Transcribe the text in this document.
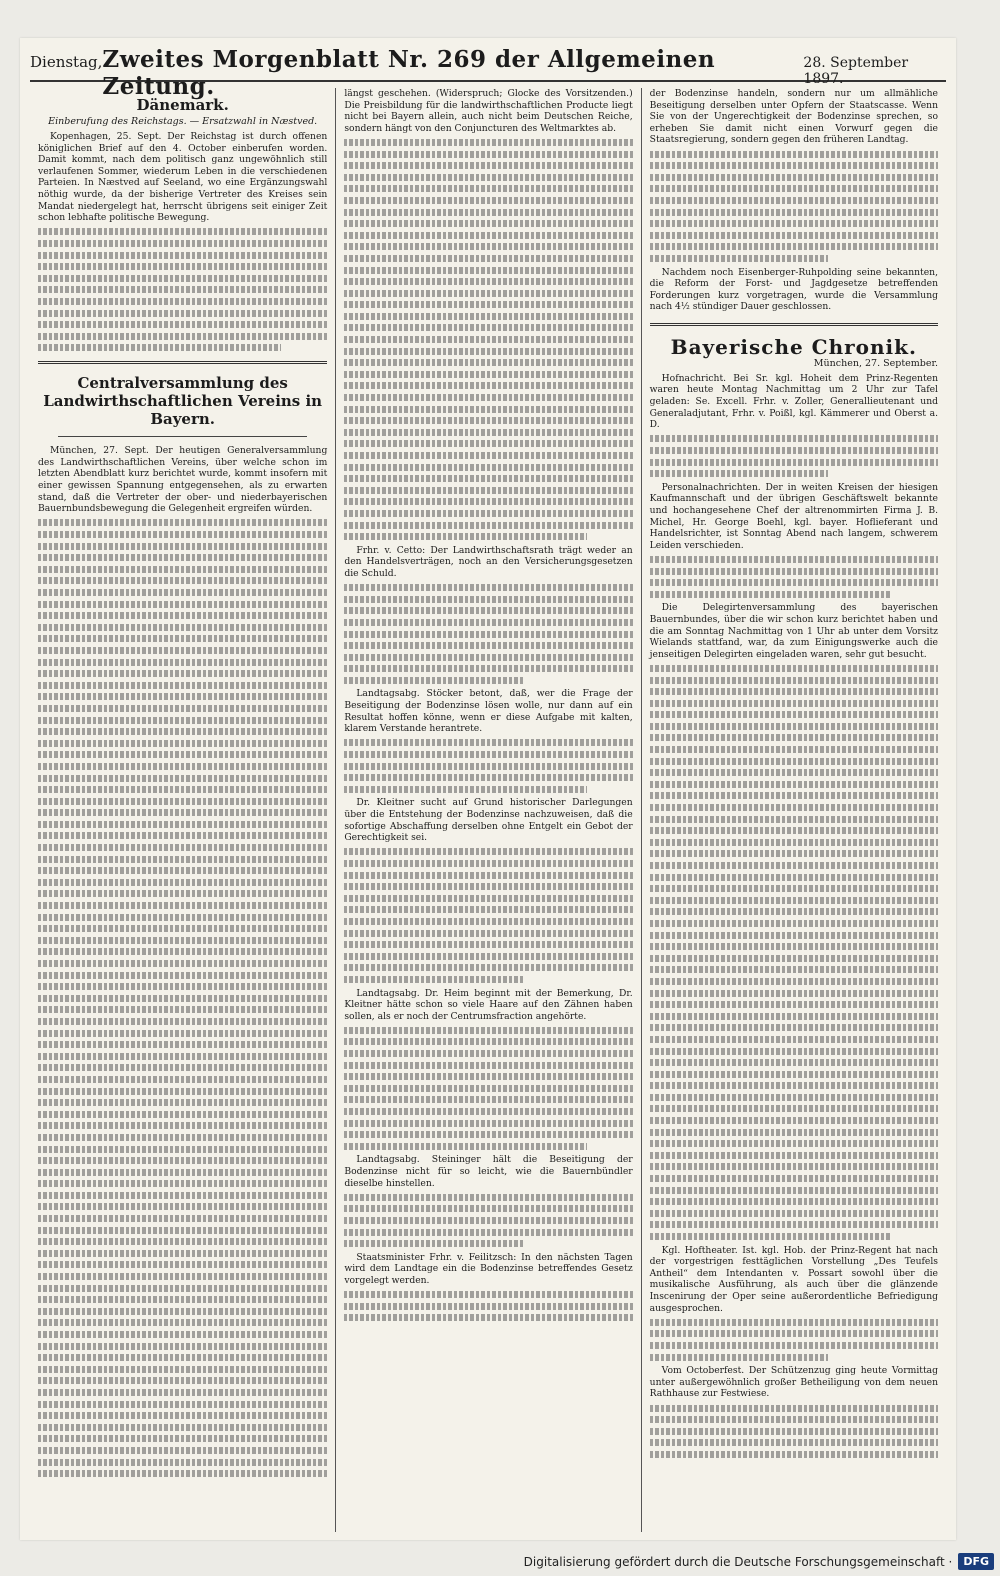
Dienstag, Zweites Morgenblatt Nr. 269 der Allgemeinen Zeitung.
28. September 1897.
Dänemark.
Einberufung des Reichstags. — Ersatzwahl in Næstved.

Kopenhagen, 25. Sept. Der Reichstag ist durch offenen königlichen Brief auf den 4. October einberufen worden. Damit kommt, nach dem politisch ganz ungewöhnlich still verlaufenen Sommer, wiederum Leben in die verschiedenen Parteien. In Næstved auf Seeland, wo eine Ergänzungswahl nöthig wurde, da der bisherige Vertreter des Kreises sein Mandat niedergelegt hat, herrscht übrigens seit einiger Zeit schon lebhafte politische Bewegung.

Centralversammlung des Landwirthschaftlichen Vereins in Bayern.

München, 27. Sept. Der heutigen Generalversammlung des Landwirthschaftlichen Vereins, über welche schon im letzten Abendblatt kurz berichtet wurde, kommt insofern mit einer gewissen Spannung entgegensehen, als zu erwarten stand, daß die Vertreter der ober- und niederbayerischen Bauernbundsbewegung die Gelegenheit ergreifen würden.

längst geschehen. (Widerspruch; Glocke des Vorsitzenden.) Die Preisbildung für die landwirthschaftlichen Producte liegt nicht bei Bayern allein, auch nicht beim Deutschen Reiche, sondern hängt von den Conjuncturen des Weltmarktes ab.

Frhr. v. Cetto: Der Landwirthschaftsrath trägt weder an den Handelsverträgen, noch an den Versicherungsgesetzen die Schuld.

Landtagsabg. Stöcker betont, daß, wer die Frage der Beseitigung der Bodenzinse lösen wolle, nur dann auf ein Resultat hoffen könne, wenn er diese Aufgabe mit kalten, klarem Verstande herantrete.

Dr. Kleitner sucht auf Grund historischer Darlegungen über die Entstehung der Bodenzinse nachzuweisen, daß die sofortige Abschaffung derselben ohne Entgelt ein Gebot der Gerechtigkeit sei.

Landtagsabg. Dr. Heim beginnt mit der Bemerkung, Dr. Kleitner hätte schon so viele Haare auf den Zähnen haben sollen, als er noch der Centrumsfraction angehörte.

Landtagsabg. Steininger hält die Beseitigung der Bodenzinse nicht für so leicht, wie die Bauernbündler dieselbe hinstellen.

Staatsminister Frhr. v. Feilitzsch: In den nächsten Tagen wird dem Landtage ein die Bodenzinse betreffendes Gesetz vorgelegt werden.

der Bodenzinse handeln, sondern nur um allmähliche Beseitigung derselben unter Opfern der Staatscasse. Wenn Sie von der Ungerechtigkeit der Bodenzinse sprechen, so erheben Sie damit nicht einen Vorwurf gegen die Staatsregierung, sondern gegen den früheren Landtag.

Nachdem noch Eisenberger-Ruhpolding seine bekannten, die Reform der Forst- und Jagdgesetze betreffenden Forderungen kurz vorgetragen, wurde die Versammlung nach 4½ stündiger Dauer geschlossen.

Bayerische Chronik.
München, 27. September.

Hofnachricht. Bei Sr. kgl. Hoheit dem Prinz-Regenten waren heute Montag Nachmittag um 2 Uhr zur Tafel geladen: Se. Excell. Frhr. v. Zoller, Generallieutenant und Generaladjutant, Frhr. v. Poißl, kgl. Kämmerer und Oberst a. D.

Personalnachrichten. Der in weiten Kreisen der hiesigen Kaufmannschaft und der übrigen Geschäftswelt bekannte und hochangesehene Chef der altrenommirten Firma J. B. Michel, Hr. George Boehl, kgl. bayer. Hoflieferant und Handelsrichter, ist Sonntag Abend nach langem, schwerem Leiden verschieden.

Die Delegirtenversammlung des bayerischen Bauernbundes, über die wir schon kurz berichtet haben und die am Sonntag Nachmittag von 1 Uhr ab unter dem Vorsitz Wielands stattfand, war, da zum Einigungswerke auch die jenseitigen Delegirten eingeladen waren, sehr gut besucht.

Kgl. Hoftheater. Ist. kgl. Hob. der Prinz-Regent hat nach der vorgestrigen festtäglichen Vorstellung „Des Teufels Antheil“ dem Intendanten v. Possart sowohl über die musikalische Ausführung, als auch über die glänzende Inscenirung der Oper seine außerordentliche Befriedigung ausgesprochen.

Vom Octoberfest. Der Schützenzug ging heute Vormittag unter außergewöhnlich großer Betheiligung von dem neuen Rathhause zur Festwiese.

Digitalisierung gefördert durch die Deutsche Forschungsgemeinschaft ·	DFG
